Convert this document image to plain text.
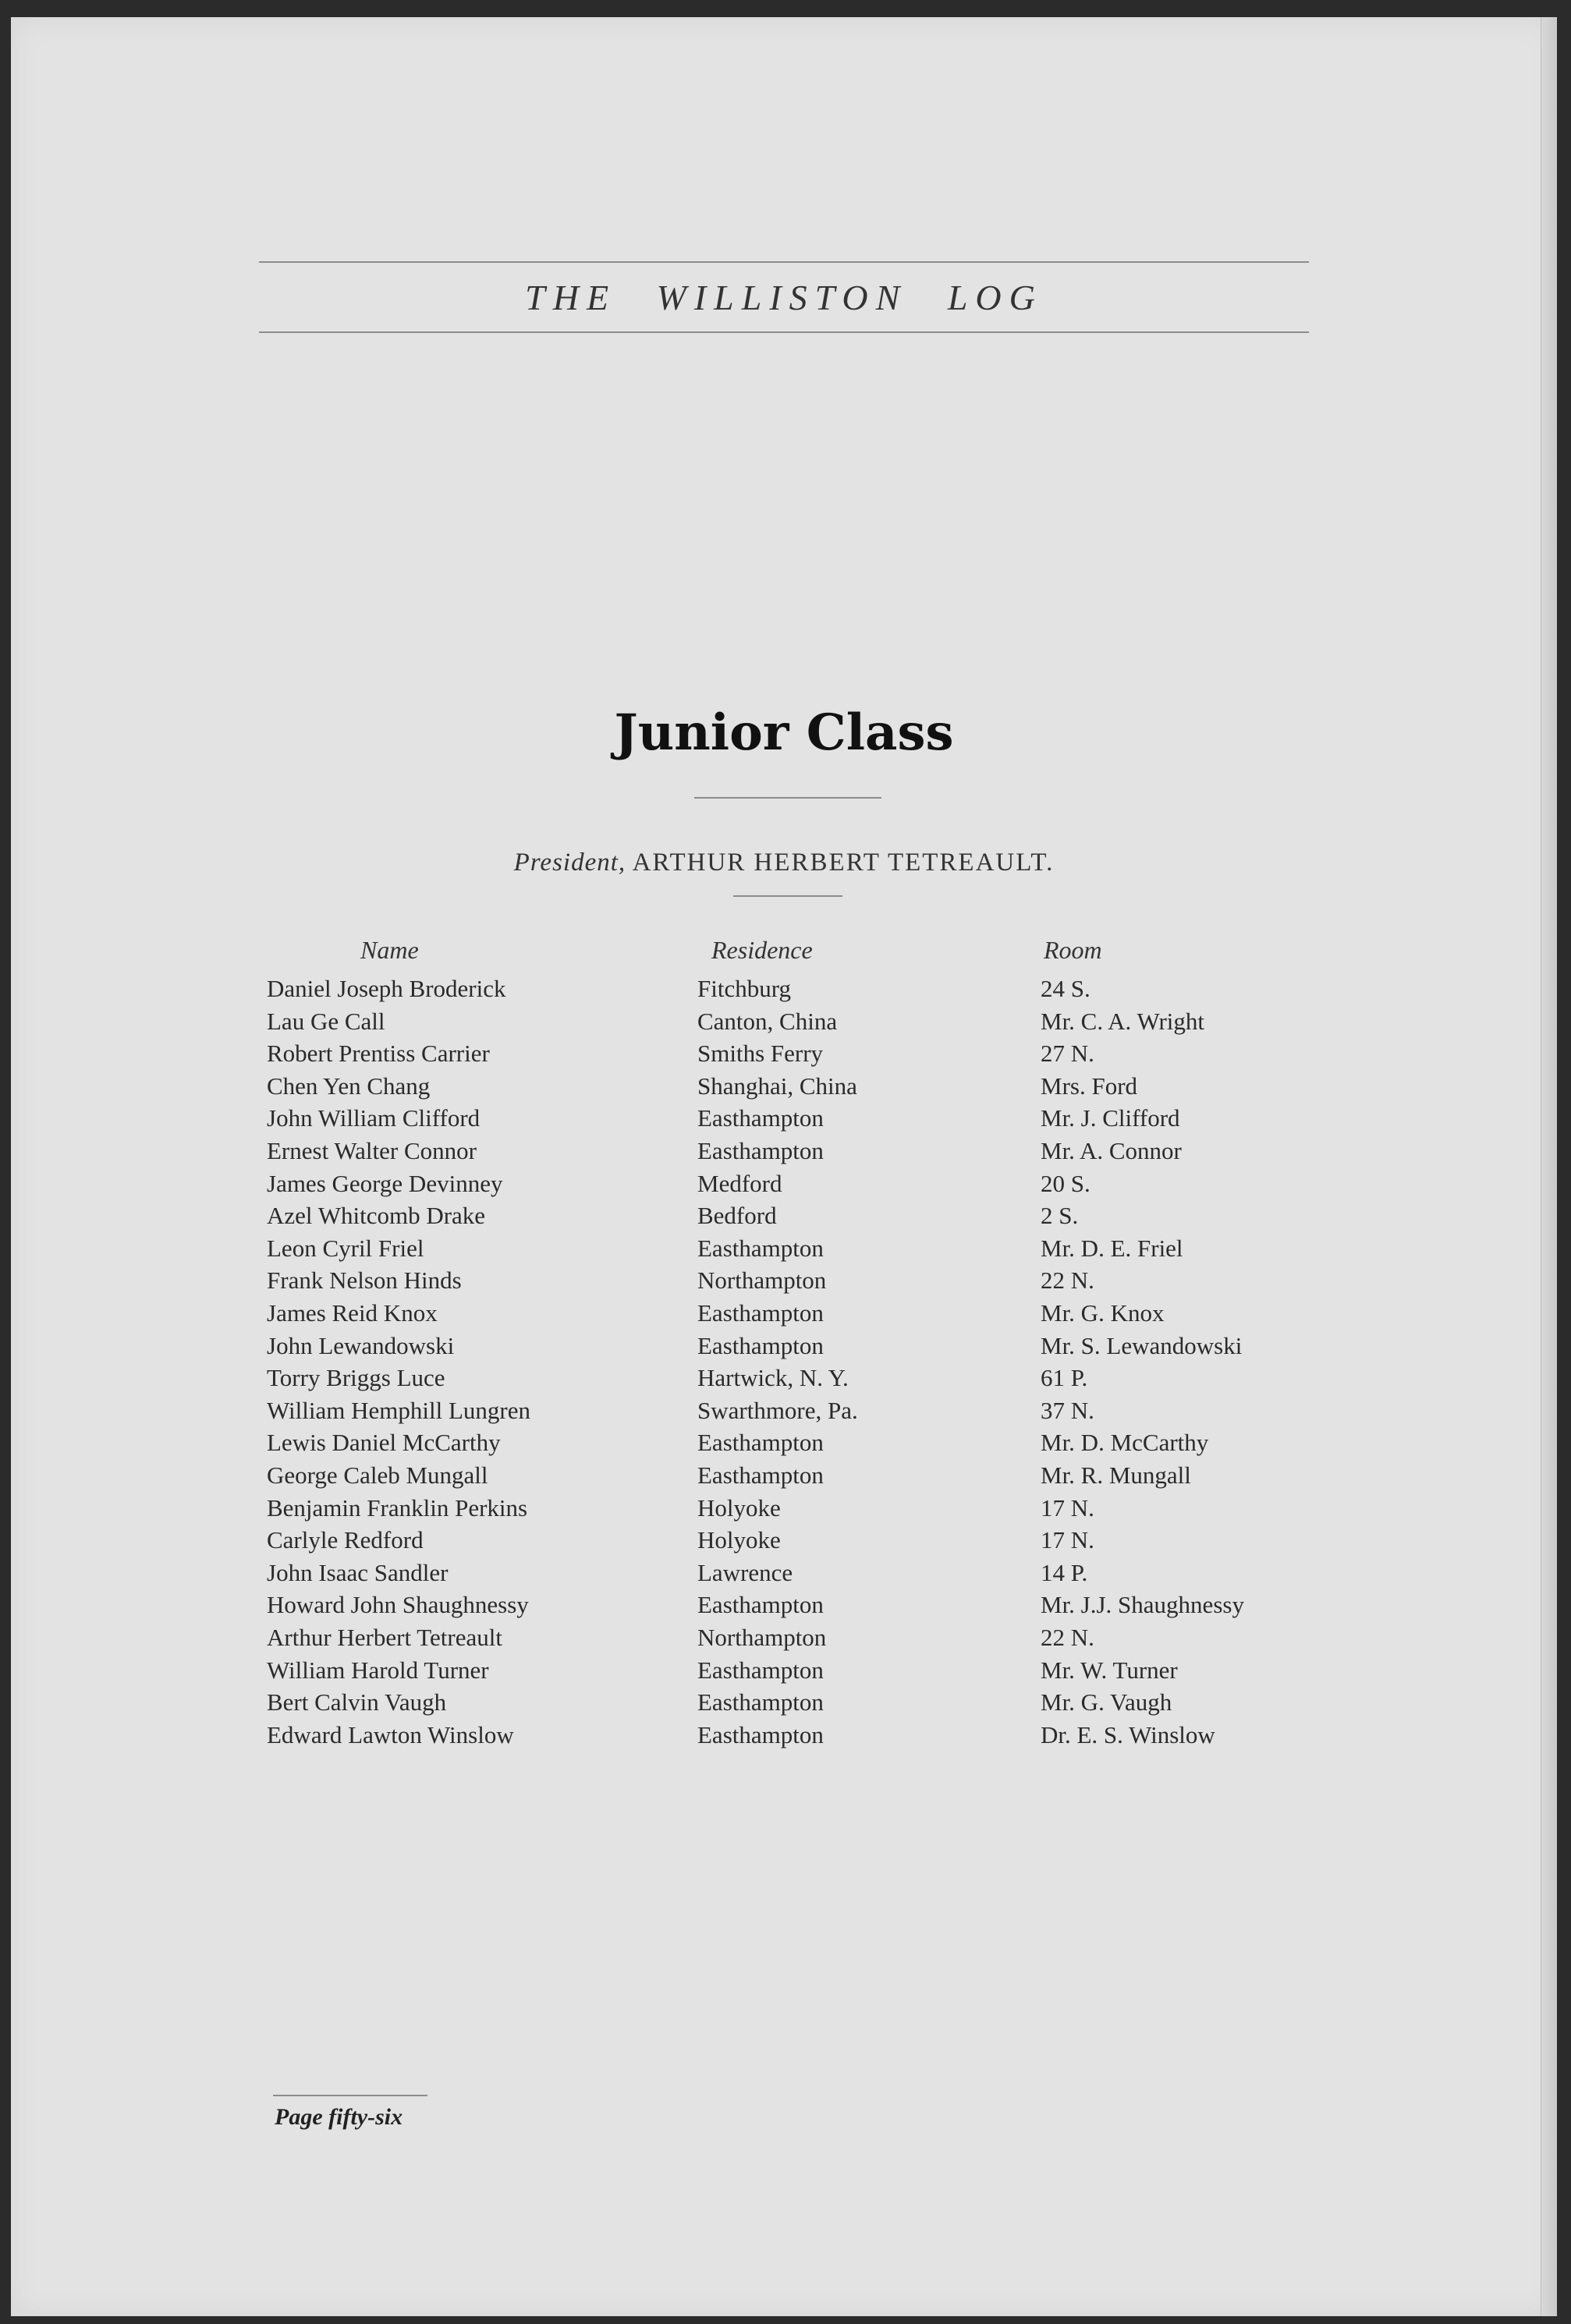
THE WILLISTON LOG
Junior Class
President, ARTHUR HERBERT TETREAULT.
Name	Residence	Room
Daniel Joseph Broderick	Fitchburg	24 S.
Lau Ge Call	Canton, China	Mr. C. A. Wright
Robert Prentiss Carrier	Smiths Ferry	27 N.
Chen Yen Chang	Shanghai, China	Mrs. Ford
John William Clifford	Easthampton	Mr. J. Clifford
Ernest Walter Connor	Easthampton	Mr. A. Connor
James George Devinney	Medford	20 S.
Azel Whitcomb Drake	Bedford	2 S.
Leon Cyril Friel	Easthampton	Mr. D. E. Friel
Frank Nelson Hinds	Northampton	22 N.
James Reid Knox	Easthampton	Mr. G. Knox
John Lewandowski	Easthampton	Mr. S. Lewandowski
Torry Briggs Luce	Hartwick, N. Y.	61 P.
William Hemphill Lungren	Swarthmore, Pa.	37 N.
Lewis Daniel McCarthy	Easthampton	Mr. D. McCarthy
George Caleb Mungall	Easthampton	Mr. R. Mungall
Benjamin Franklin Perkins	Holyoke	17 N.
Carlyle Redford	Holyoke	17 N.
John Isaac Sandler	Lawrence	14 P.
Howard John Shaughnessy	Easthampton	Mr. J.J. Shaughnessy
Arthur Herbert Tetreault	Northampton	22 N.
William Harold Turner	Easthampton	Mr. W. Turner
Bert Calvin Vaugh	Easthampton	Mr. G. Vaugh
Edward Lawton Winslow	Easthampton	Dr. E. S. Winslow
Page fifty-six
